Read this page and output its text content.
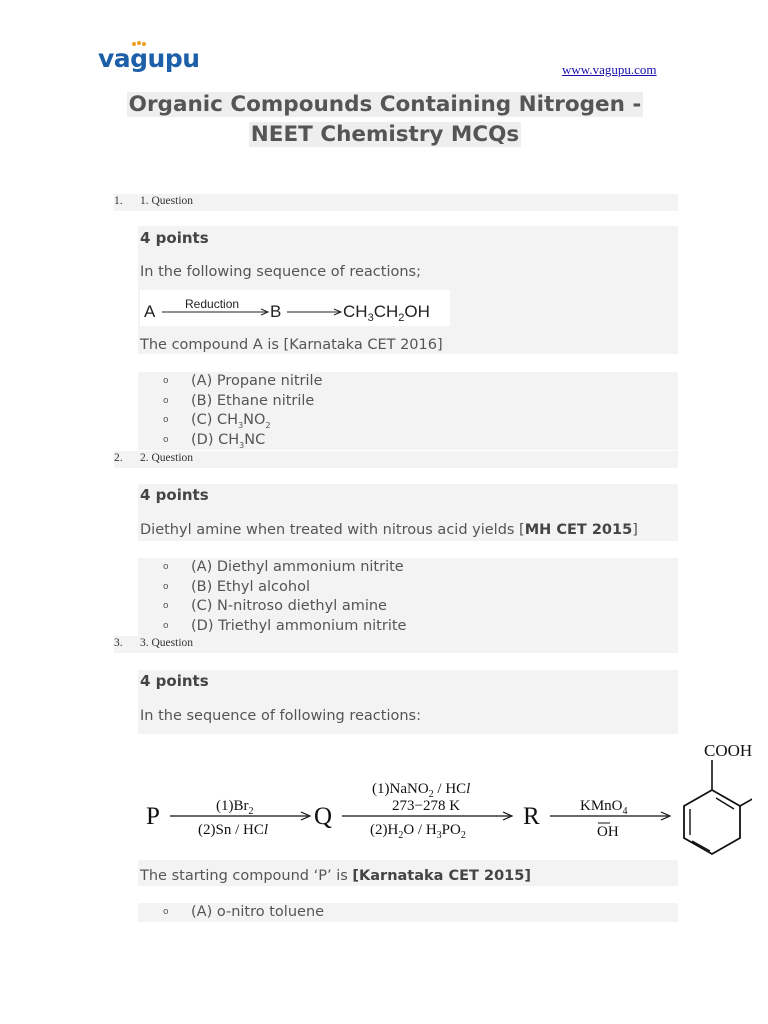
vagupu	www.vagupu.com
Organic Compounds Containing Nitrogen -
NEET Chemistry MCQs
1. 1. Question
4 points
In the following sequence of reactions;
A Reduction B	$CH_3CH_2OH$
The compound A is [Karnataka CET 2016]
o (A) Propane nitrile
o (B) Ethane nitrile
o (C) $CH_3NO_2$
o (D) $CH_3NC$
2. 2. Question
4 points
Diethyl amine when treated with nitrous acid yields [MH CET 2015]
o (A) Diethyl ammonium nitrite
o (B) Ethyl alcohol
o (C) N-nitroso diethyl amine
o (D) Triethyl ammonium nitrite
3. 3. Question
4 points
In the sequence of following reactions:
P	$(1)Br_2$
(2)Sn / HCl Q
(1)NaNO$_2$ / HCl
273−278 K
$(2)H_2O / H_3PO_2$
R	KMnO$_4$
OH
COOH
The starting compound ‘P’ is [Karnataka CET 2015]
o (A) o-nitro toluene
